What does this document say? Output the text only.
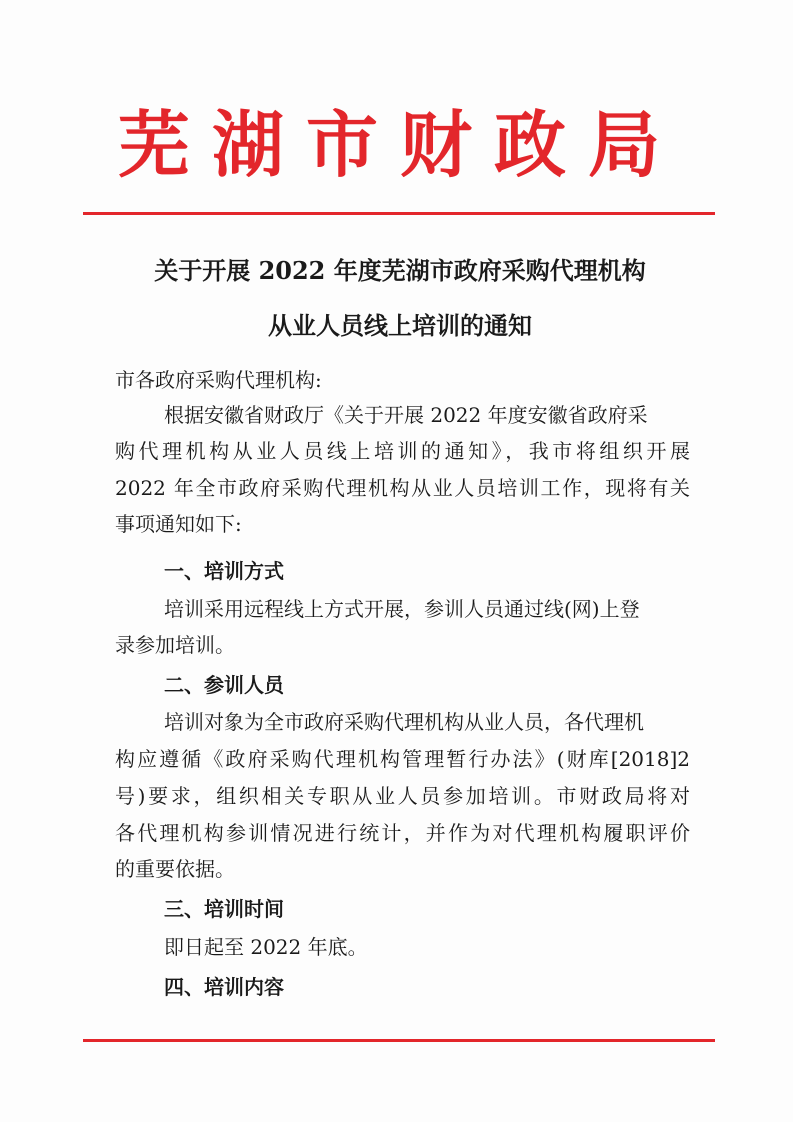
芜湖市财政局
关于开展 2022 年度芜湖市政府采购代理机构
从业人员线上培训的通知
市各政府采购代理机构:
根据安徽省财政厅《关于开展 2022 年度安徽省政府采
购代理机构从业人员线上培训的通知》，我市将组织开展
2022 年全市政府采购代理机构从业人员培训工作，现将有关
事项通知如下:
一、培训方式
培训采用远程线上方式开展，参训人员通过线(网)上登
录参加培训。
二、参训人员
培训对象为全市政府采购代理机构从业人员，各代理机
构应遵循《政府采购代理机构管理暂行办法》(财库[2018]2
号)要求，组织相关专职从业人员参加培训。市财政局将对
各代理机构参训情况进行统计，并作为对代理机构履职评价
的重要依据。
三、培训时间
即日起至 2022 年底。
四、培训内容
